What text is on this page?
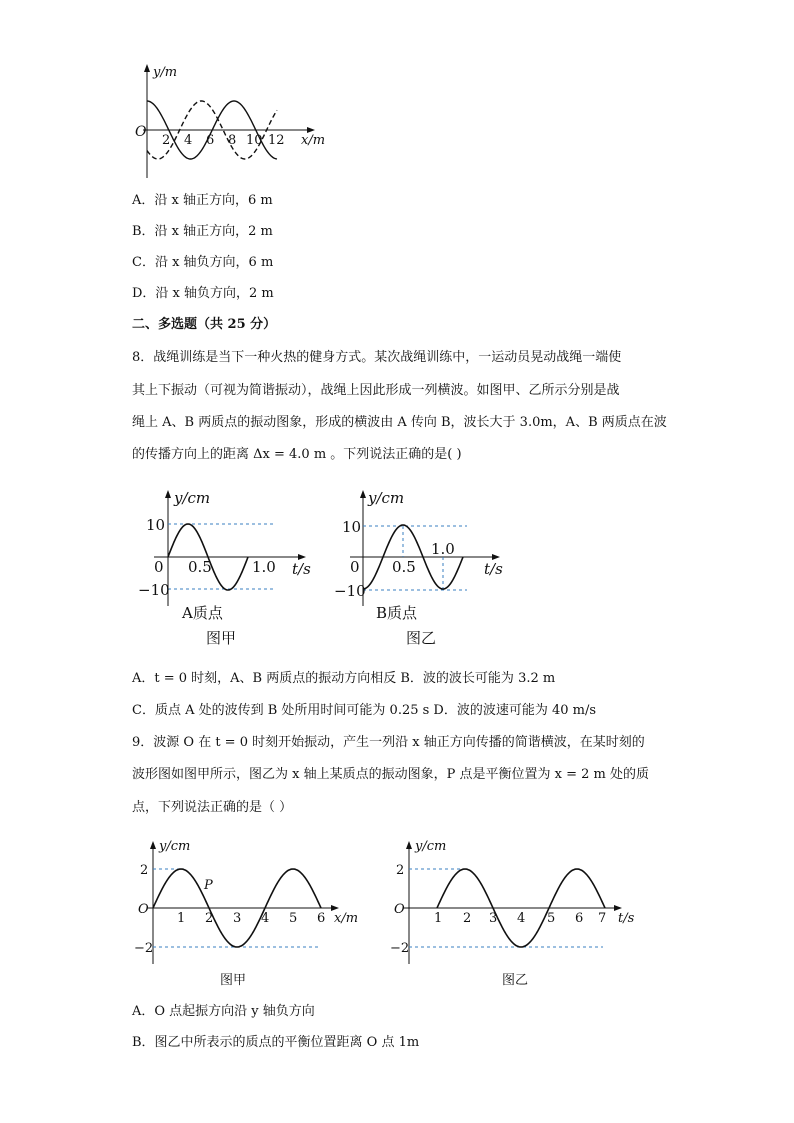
y/m
O
2 4 6 8 10 12 x/m
A．沿 x 轴正方向，6 m
B．沿 x 轴正方向，2 m
C．沿 x 轴负方向，6 m
D．沿 x 轴负方向，2 m
二、多选题（共 25 分）
8．战绳训练是当下一种火热的健身方式。某次战绳训练中，一运动员晃动战绳一端使
其上下振动（可视为简谐振动），战绳上因此形成一列横波。如图甲、乙所示分别是战
绳上 A、B 两质点的振动图象，形成的横波由 A 传向 B，波长大于 3.0m，A、B 两质点在波
的传播方向上的距离 Δx = 4.0 m 。下列说法正确的是( )
y/cm
10
0
−10
0.5	1.0 t/s
A质点
图甲
y/cm
10
0
−10
0.5
1.0
t/s
B质点
图乙
A．t = 0 时刻，A、B 两质点的振动方向相反 B．波的波长可能为 3.2 m
C．质点 A 处的波传到 B 处所用时间可能为 0.25 s D．波的波速可能为 40 m/s
9．波源 O 在 t = 0 时刻开始振动，产生一列沿 x 轴正方向传播的简谐横波，在某时刻的
波形图如图甲所示，图乙为 x 轴上某质点的振动图象，P 点是平衡位置为 x = 2 m 处的质
点，下列说法正确的是（ ）
y/cm
2
−2
O
P
1 2 3 4 5 6 x/m
图甲
y/cm
2
−2
O
1 2 3 4 5 6 7 t/s
图乙
A．O 点起振方向沿 y 轴负方向
B．图乙中所表示的质点的平衡位置距离 O 点 1m
